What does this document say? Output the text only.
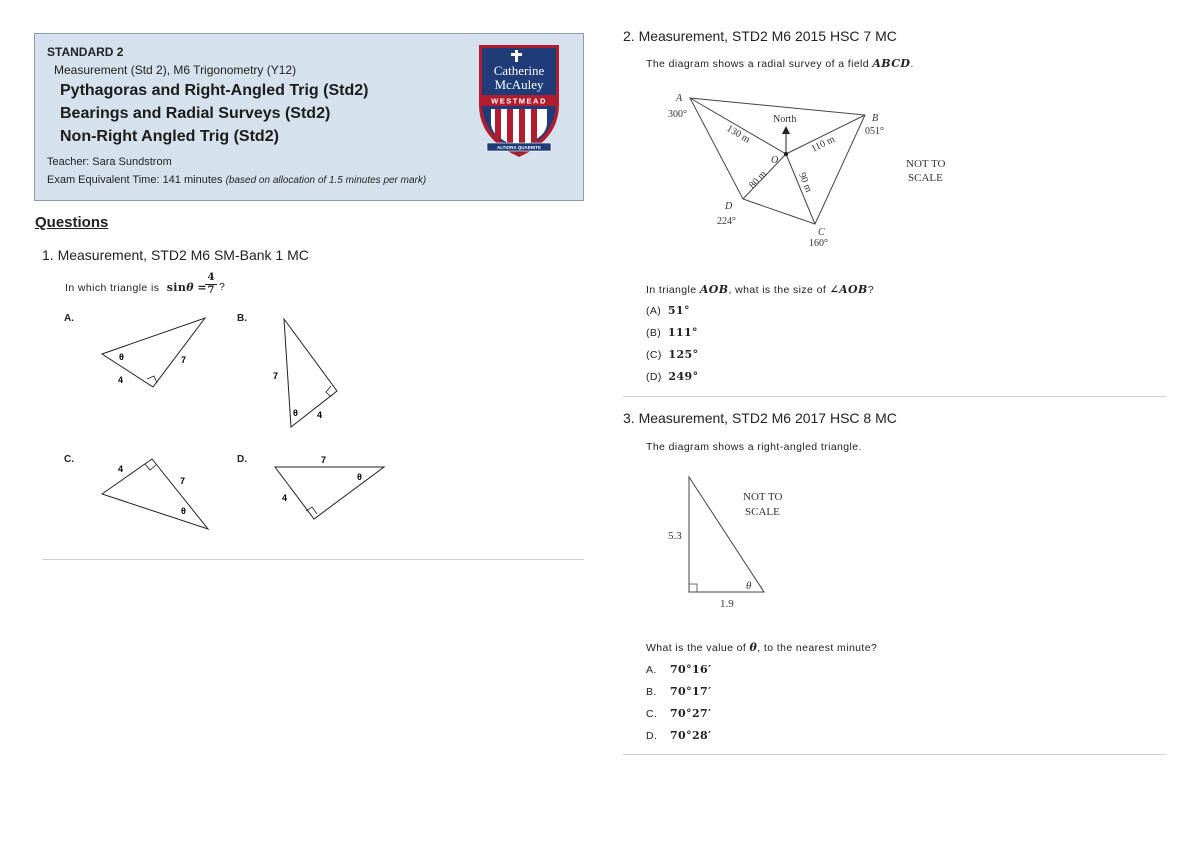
STANDARD 2
Measurement (Std 2), M6 Trigonometry (Y12)
Pythagoras and Right-Angled Trig (Std2)
Bearings and Radial Surveys (Std2)
Non-Right Angled Trig (Std2)
Teacher: Sara Sundstrom
Exam Equivalent Time: 141 minutes (based on allocation of 1.5 minutes per mark)
Catherine
McAuley
WESTMEAD
ALTIORA QUAERITE
Questions
1. Measurement, STD2 M6 SM-Bank 1 MC
In which triangle is sinθ =
$\frac{4}{7}$ ?
A.	B.
C.	D.
θ	7
4	7
θ 4
4
7
θ
7
θ
4
2. Measurement, STD2 M6 2015 HSC 7 MC
The diagram shows a radial survey of a field ABCD.
North
O
A
300°	B
051°
C
160°
D
224°
130 m	110 m
90 m
80 m
NOT TO
SCALE
In triangle AOB, what is the size of ∠AOB?
(A) 51°
(B) 111°
(C) 125°
(D) 249°
3. Measurement, STD2 M6 2017 HSC 8 MC
The diagram shows a right-angled triangle.
5.3
1.9
θ
NOT TO
SCALE
What is the value of θ, to the nearest minute?
A. 70°16′
B. 70°17′
C. 70°27′
D. 70°28′
